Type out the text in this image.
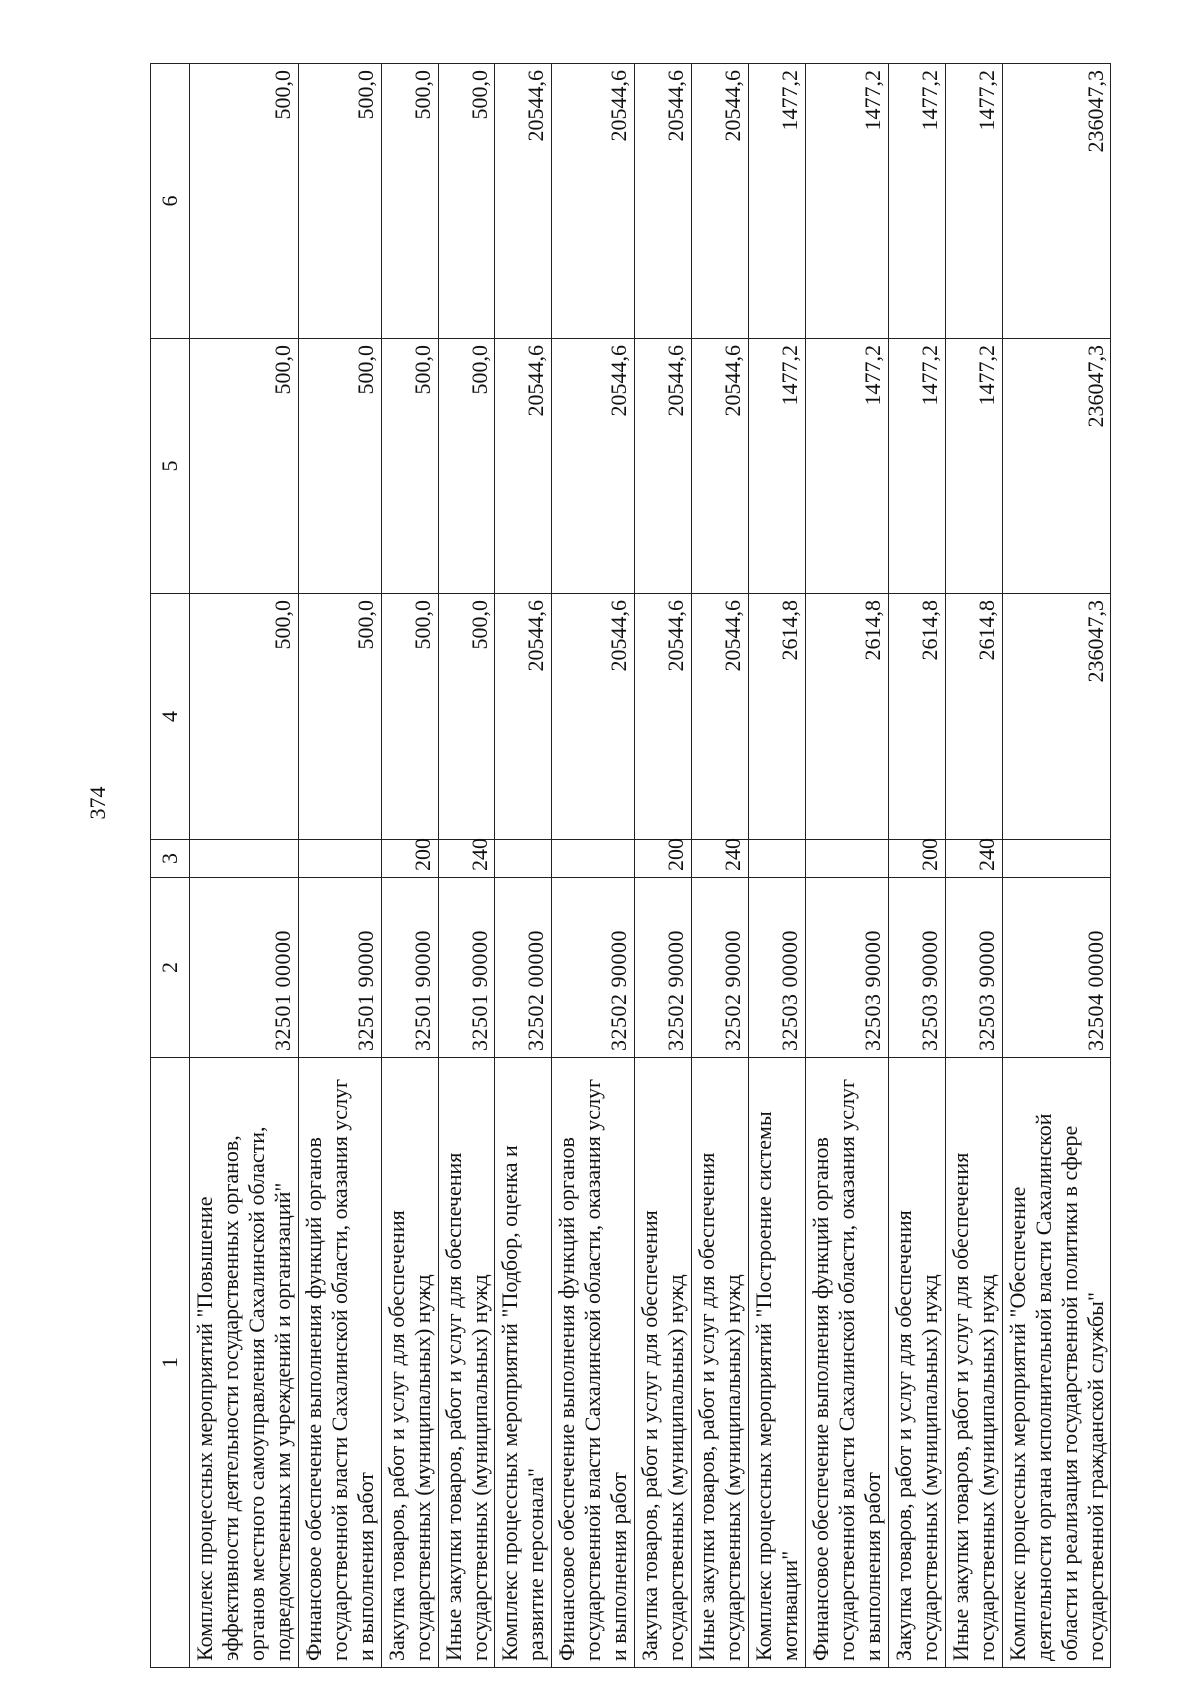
374
1	2	3	4	5	6
Комплекс процессных мероприятий "Повышение эффективности деятельности государственных органов, органов местного самоуправления Сахалинской области, подведомственных им учреждений и организаций"	32501 00000		500,0	500,0	500,0
Финансовое обеспечение выполнения функций органов государственной власти Сахалинской области, оказания услуг и выполнения работ	32501 90000		500,0	500,0	500,0
Закупка товаров, работ и услуг для обеспечения государственных (муниципальных) нужд	32501 90000	200	500,0	500,0	500,0
Иные закупки товаров, работ и услуг для обеспечения государственных (муниципальных) нужд	32501 90000	240	500,0	500,0	500,0
Комплекс процессных мероприятий "Подбор, оценка и развитие персонала"	32502 00000		20544,6	20544,6	20544,6
Финансовое обеспечение выполнения функций органов государственной власти Сахалинской области, оказания услуг и выполнения работ	32502 90000		20544,6	20544,6	20544,6
Закупка товаров, работ и услуг для обеспечения государственных (муниципальных) нужд	32502 90000	200	20544,6	20544,6	20544,6
Иные закупки товаров, работ и услуг для обеспечения государственных (муниципальных) нужд	32502 90000	240	20544,6	20544,6	20544,6
Комплекс процессных мероприятий "Построение системы мотивации"	32503 00000		2614,8	1477,2	1477,2
Финансовое обеспечение выполнения функций органов государственной власти Сахалинской области, оказания услуг и выполнения работ	32503 90000		2614,8	1477,2	1477,2
Закупка товаров, работ и услуг для обеспечения государственных (муниципальных) нужд	32503 90000	200	2614,8	1477,2	1477,2
Иные закупки товаров, работ и услуг для обеспечения государственных (муниципальных) нужд	32503 90000	240	2614,8	1477,2	1477,2
Комплекс процессных мероприятий "Обеспечение деятельности органа исполнительной власти Сахалинской области и реализация государственной политики в сфере государственной гражданской службы"	32504 00000		236047,3	236047,3	236047,3
